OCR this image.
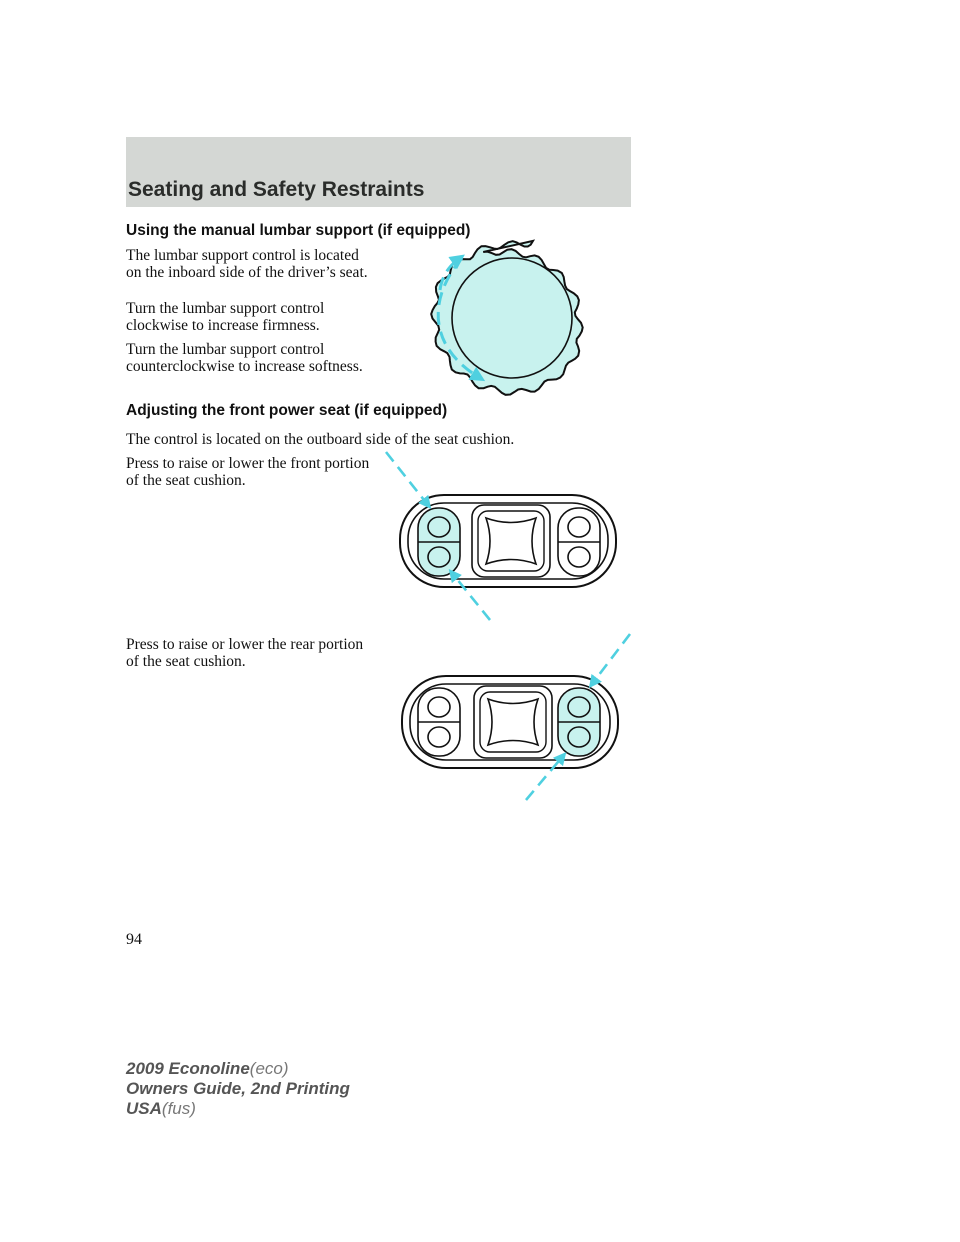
Seating and Safety Restraints
Using the manual lumbar support (if equipped)

The lumbar support control is located on the inboard side of the driver’s seat.

Turn the lumbar support control clockwise to increase firmness.

Turn the lumbar support control counterclockwise to increase softness.

Adjusting the front power seat (if equipped)

The control is located on the outboard side of the seat cushion.

Press to raise or lower the front portion of the seat cushion.

Press to raise or lower the rear portion of the seat cushion.

94
2009 Econoline(eco)
Owners Guide, 2nd Printing
USA(fus)
